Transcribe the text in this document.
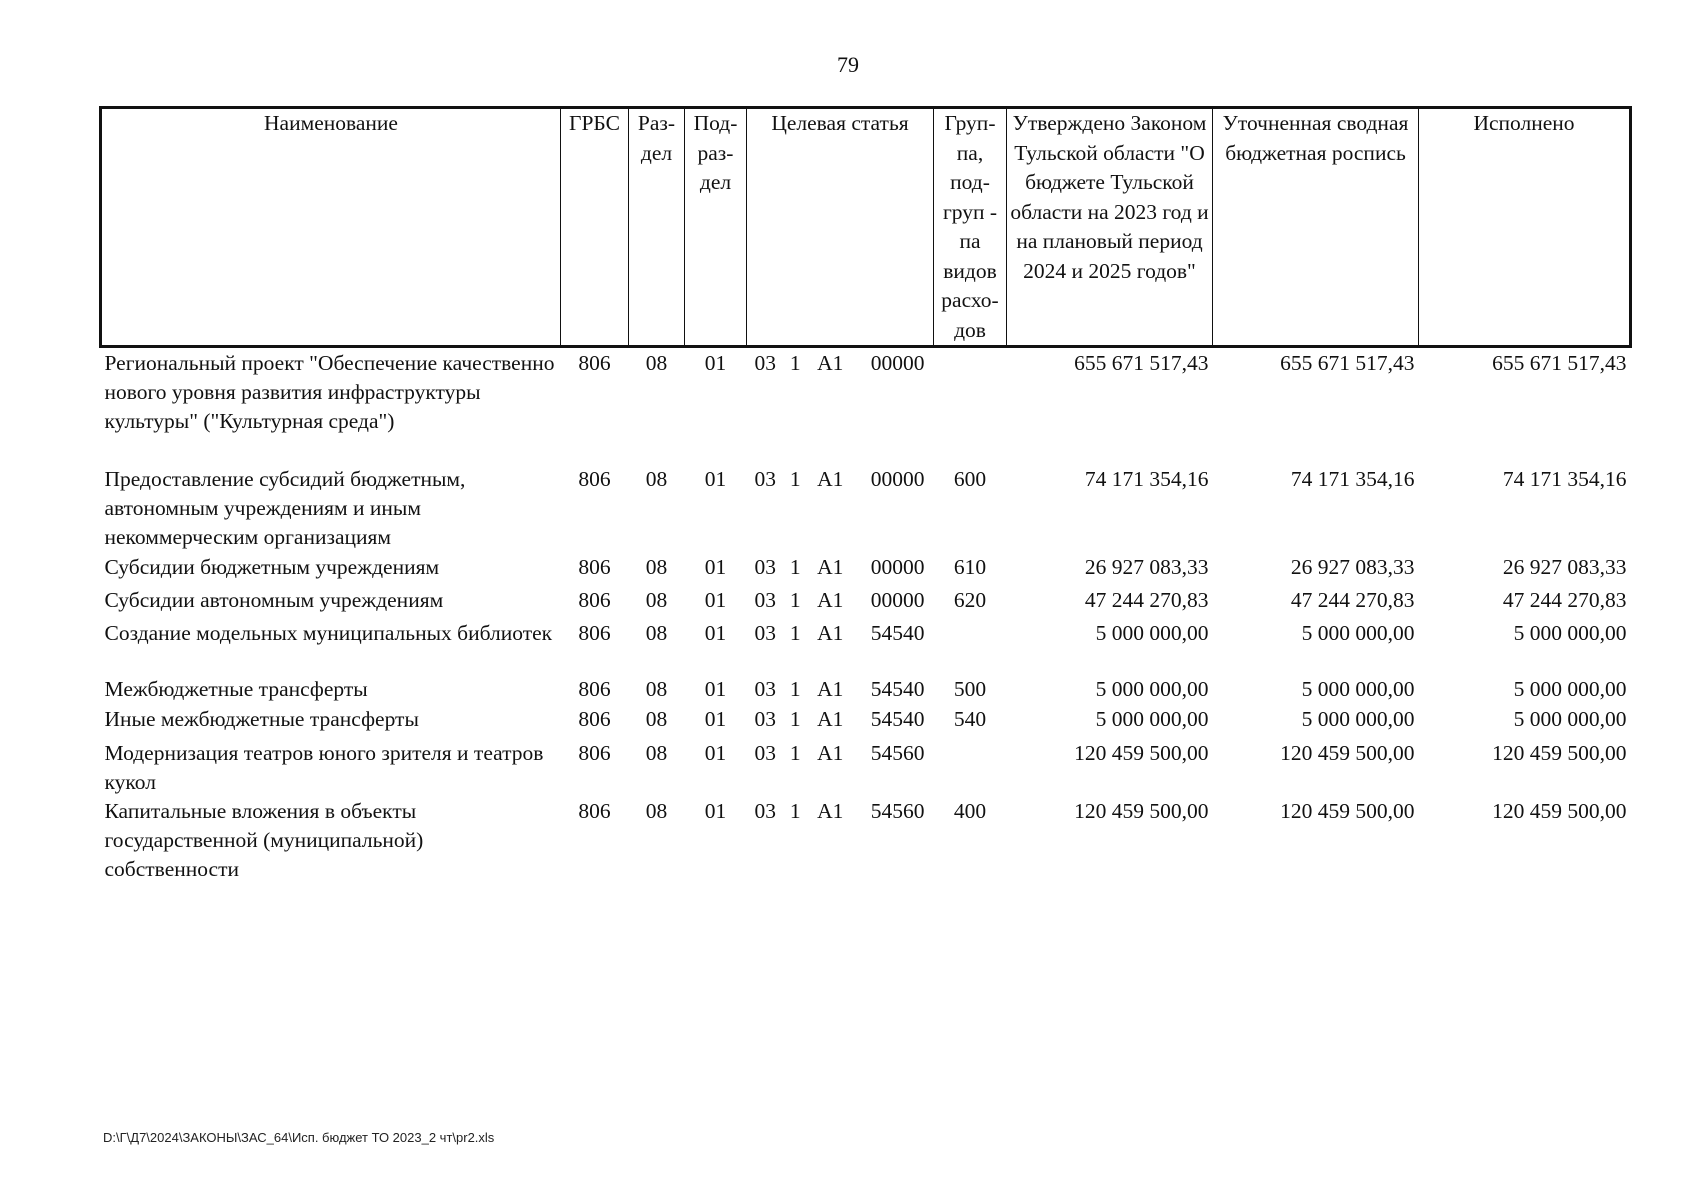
79
Наименование	ГРБС	Раз-дел	Под-раз-дел	Целевая статья	Груп-па, под-груп - па видов расхо-дов	Утверждено Законом Тульской области "О бюджете Тульской области на 2023 год и на плановый период 2024 и 2025 годов"	Уточненная сводная бюджетная роспись	Исполнено
Региональный проект "Обеспечение качественно нового уровня развития инфраструктуры культуры" ("Культурная среда")	806	08	01	03 1 А1 00000		655 671 517,43	655 671 517,43	655 671 517,43
Предоставление субсидий бюджетным, автономным учреждениям и иным некоммерческим организациям	806	08	01	03 1 А1 00000	600	74 171 354,16	74 171 354,16	74 171 354,16
Субсидии бюджетным учреждениям	806	08	01	03 1 А1 00000	610	26 927 083,33	26 927 083,33	26 927 083,33
Субсидии автономным учреждениям	806	08	01	03 1 А1 00000	620	47 244 270,83	47 244 270,83	47 244 270,83
Создание модельных муниципальных библиотек	806	08	01	03 1 А1 54540		5 000 000,00	5 000 000,00	5 000 000,00
Межбюджетные трансферты	806	08	01	03 1 А1 54540	500	5 000 000,00	5 000 000,00	5 000 000,00
Иные межбюджетные трансферты	806	08	01	03 1 А1 54540	540	5 000 000,00	5 000 000,00	5 000 000,00
Модернизация театров юного зрителя и театров кукол	806	08	01	03 1 А1 54560		120 459 500,00	120 459 500,00	120 459 500,00
Капитальные вложения в объекты государственной (муниципальной) собственности	806	08	01	03 1 А1 54560	400	120 459 500,00	120 459 500,00	120 459 500,00
D:\Г\Д7\2024\ЗАКОНЫ\ЗАС_64\Исп. бюджет ТО 2023_2 чт\pr2.xls
